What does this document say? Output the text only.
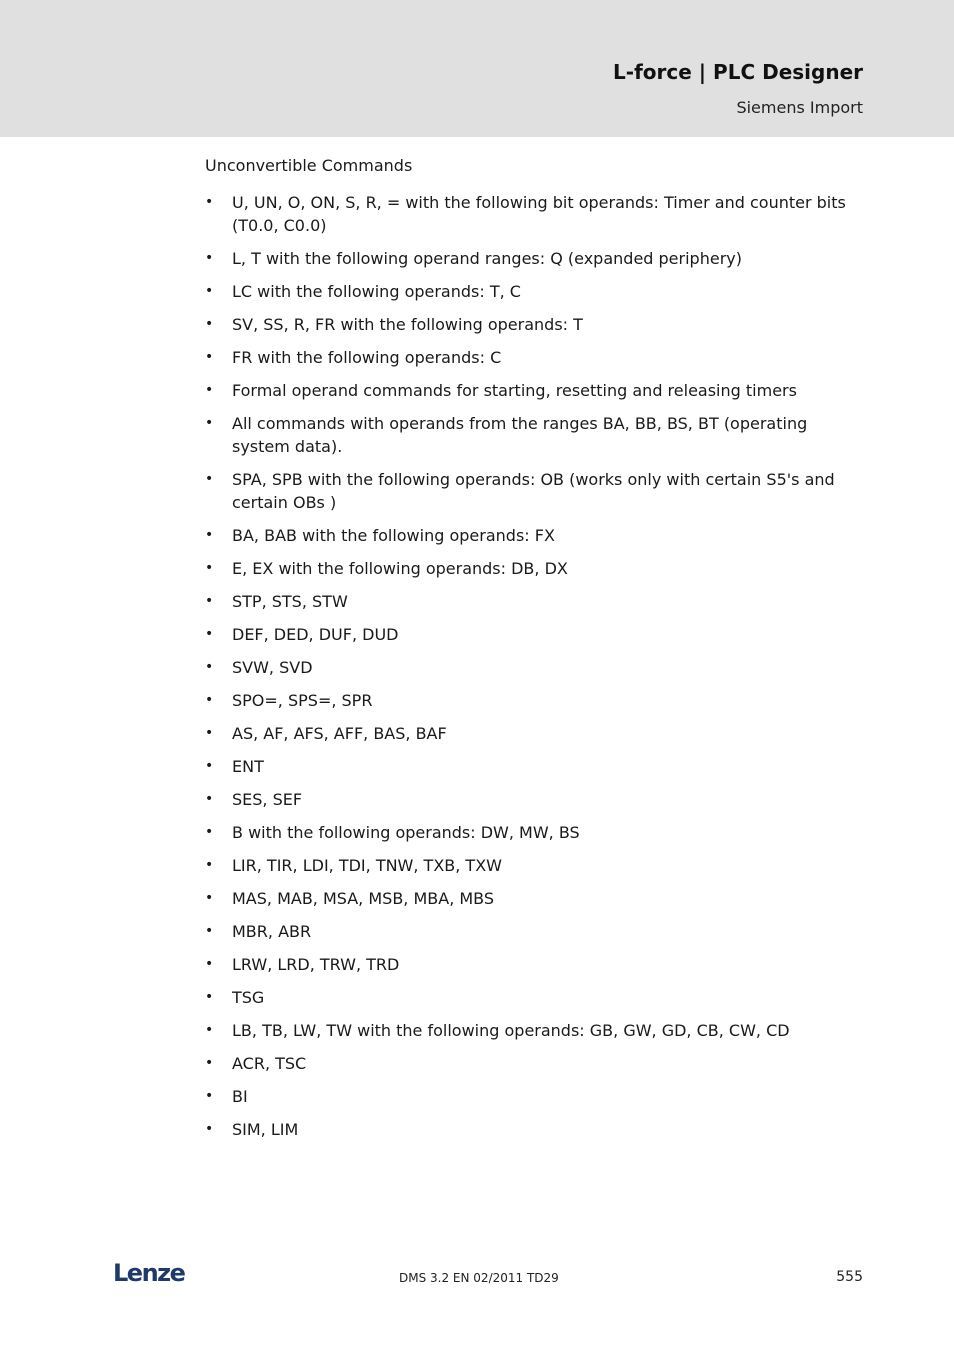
L-force | PLC Designer
Siemens Import
Unconvertible Commands
• U, UN, O, ON, S, R, = with the following bit operands: Timer and counter bits (T0.0, C0.0)
• L, T with the following operand ranges: Q (expanded periphery)
• LC with the following operands: T, C
• SV, SS, R, FR with the following operands: T
• FR with the following operands: C
• Formal operand commands for starting, resetting and releasing timers
• All commands with operands from the ranges BA, BB, BS, BT (operating system data).
• SPA, SPB with the following operands: OB (works only with certain S5's and certain OBs )
• BA, BAB with the following operands: FX
• E, EX with the following operands: DB, DX
• STP, STS, STW
• DEF, DED, DUF, DUD
• SVW, SVD
• SPO=, SPS=, SPR
• AS, AF, AFS, AFF, BAS, BAF
• ENT
• SES, SEF
• B with the following operands: DW, MW, BS
• LIR, TIR, LDI, TDI, TNW, TXB, TXW
• MAS, MAB, MSA, MSB, MBA, MBS
• MBR, ABR
• LRW, LRD, TRW, TRD
• TSG
• LB, TB, LW, TW with the following operands: GB, GW, GD, CB, CW, CD
• ACR, TSC
• BI
• SIM, LIM
Lenze	DMS 3.2 EN 02/2011 TD29	555
